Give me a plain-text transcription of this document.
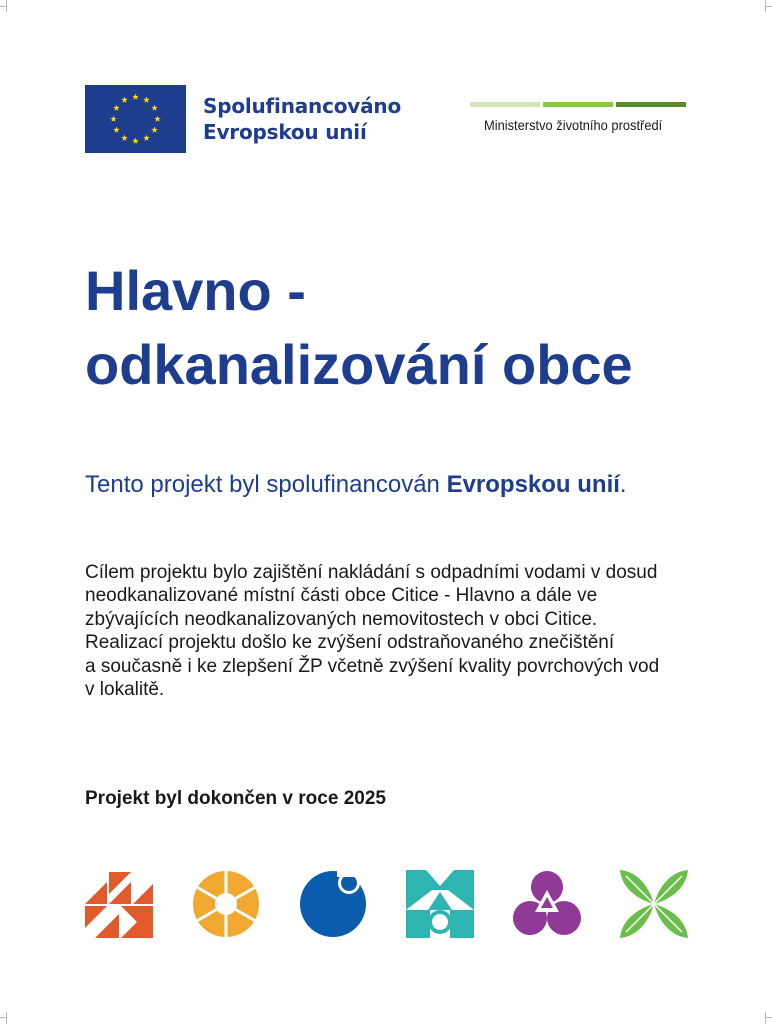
Spolufinancováno
Evropskou unií	Ministerstvo životního prostředí
Hlavno -
odkanalizování obce
Tento projekt byl spolufinancován Evropskou unií.
Cílem projektu bylo zajištění nakládání s odpadními vodami v dosud
neodkanalizované místní části obce Citice - Hlavno a dále ve
zbývajících neodkanalizovaných nemovitostech v obci Citice.
Realizací projektu došlo ke zvýšení odstraňovaného znečištění
a současně i ke zlepšení ŽP včetně zvýšení kvality povrchových vod
v lokalitě.
Projekt byl dokončen v roce 2025
